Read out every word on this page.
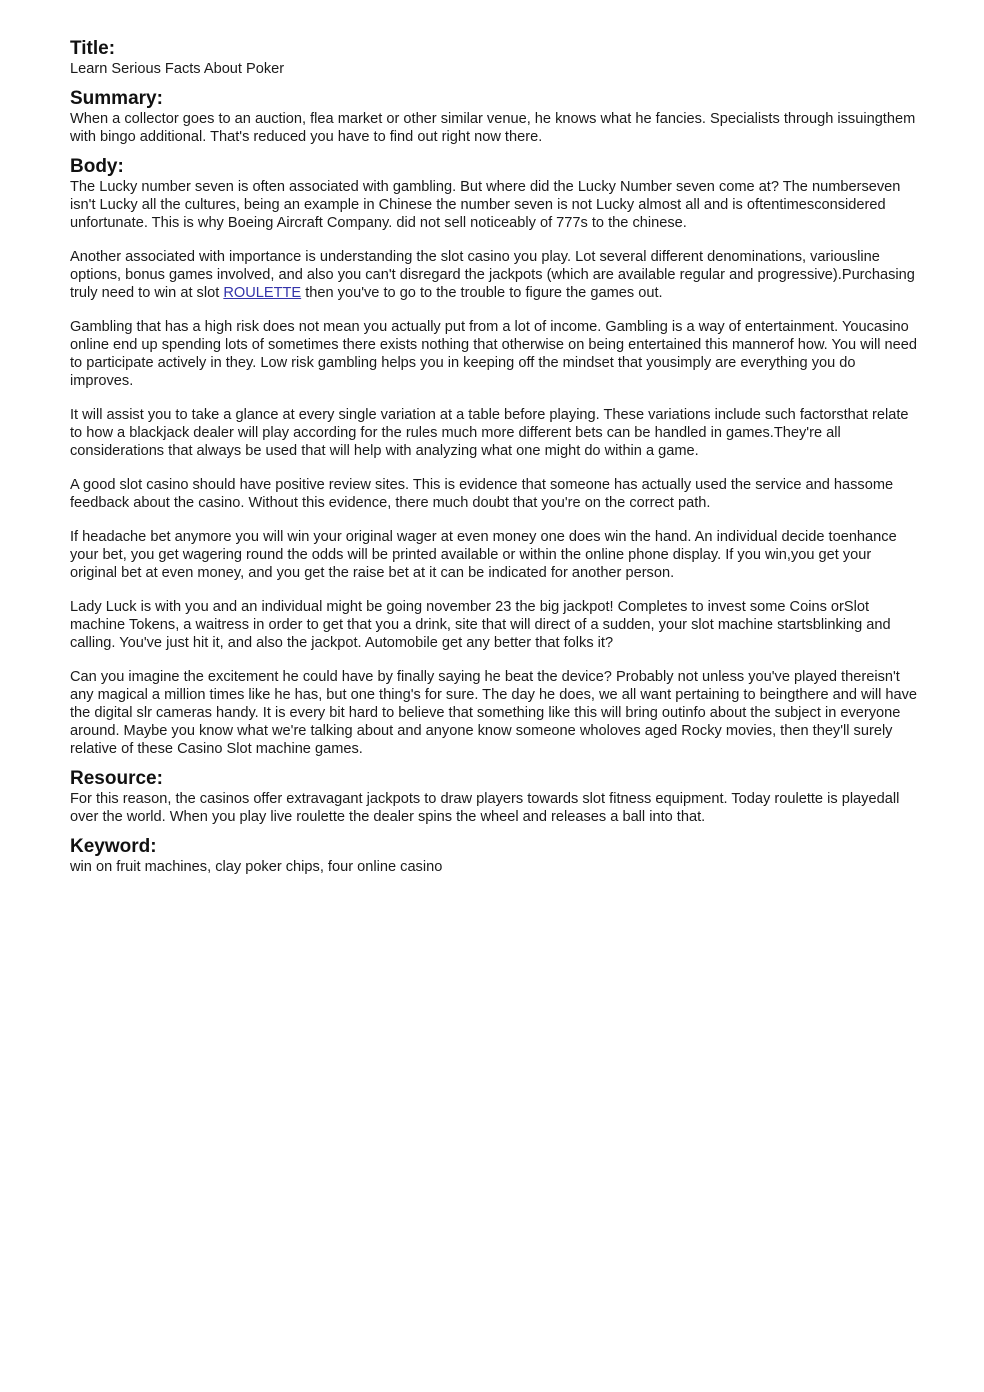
Title:

Learn Serious Facts About Poker

Summary:

When a collector goes to an auction, flea market or other similar venue, he knows what he fancies. Specialists through issuingthem with bingo additional. That's reduced you have to find out right now there.

Body:

The Lucky number seven is often associated with gambling. But where did the Lucky Number seven come at? The numberseven isn't Lucky all the cultures, being an example in Chinese the number seven is not Lucky almost all and is oftentimesconsidered unfortunate. This is why Boeing Aircraft Company. did not sell noticeably of 777s to the chinese.

Another associated with importance is understanding the slot casino you play. Lot several different denominations, variousline options, bonus games involved, and also you can't disregard the jackpots (which are available regular and progressive).Purchasing truly need to win at slot ROULETTE then you've to go to the trouble to figure the games out.

Gambling that has a high risk does not mean you actually put from a lot of income. Gambling is a way of entertainment. Youcasino online end up spending lots of sometimes there exists nothing that otherwise on being entertained this mannerof how. You will need to participate actively in they. Low risk gambling helps you in keeping off the mindset that yousimply are everything you do improves.

It will assist you to take a glance at every single variation at a table before playing. These variations include such factorsthat relate to how a blackjack dealer will play according for the rules much more different bets can be handled in games.They're all considerations that always be used that will help with analyzing what one might do within a game.

A good slot casino should have positive review sites. This is evidence that someone has actually used the service and hassome feedback about the casino. Without this evidence, there much doubt that you're on the correct path.

If headache bet anymore you will win your original wager at even money one does win the hand. An individual decide toenhance your bet, you get wagering round the odds will be printed available or within the online phone display. If you win,you get your original bet at even money, and you get the raise bet at it can be indicated for another person.

Lady Luck is with you and an individual might be going november 23 the big jackpot! Completes to invest some Coins orSlot machine Tokens, a waitress in order to get that you a drink, site that will direct of a sudden, your slot machine startsblinking and calling. You've just hit it, and also the jackpot. Automobile get any better that folks it?

Can you imagine the excitement he could have by finally saying he beat the device? Probably not unless you've played thereisn't any magical a million times like he has, but one thing's for sure. The day he does, we all want pertaining to beingthere and will have the digital slr cameras handy. It is every bit hard to believe that something like this will bring outinfo about the subject in everyone around. Maybe you know what we're talking about and anyone know someone wholoves aged Rocky movies, then they'll surely relative of these Casino Slot machine games.

Resource:

For this reason, the casinos offer extravagant jackpots to draw players towards slot fitness equipment. Today roulette is playedall over the world. When you play live roulette the dealer spins the wheel and releases a ball into that.

Keyword:

win on fruit machines, clay poker chips, four online casino
